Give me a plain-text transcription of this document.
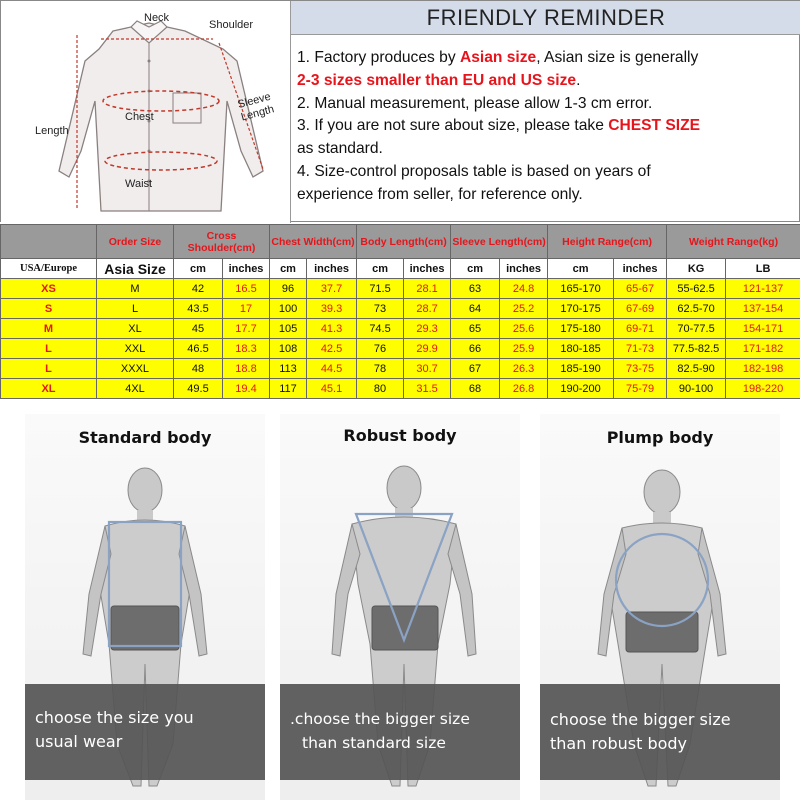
Neck
Shoulder
Sleeve Length
Length
Chest
Waist
FRIENDLY REMINDER

1. Factory produces by Asian size, Asian size is generally

2-3 sizes smaller than EU and US size.

2. Manual measurement, please allow 1-3 cm error.

3. If you are not sure about size, please take CHEST SIZE

as standard.

4. Size-control proposals table is based on years of

experience from seller, for reference only.

	Order Size	Cross Shoulder(cm)		Chest Width(cm)		Body Length(cm)		Sleeve Length(cm)		Height Range(cm)		Weight Range(kg)	
USA/Europe	Asia Size	cm	inches	cm	inches	cm	inches	cm	inches	cm	inches	KG	LB
XS	M	42	16.5	96	37.7	71.5	28.1	63	24.8	165-170	65-67	55-62.5	121-137
S	L	43.5	17	100	39.3	73	28.7	64	25.2	170-175	67-69	62.5-70	137-154
M	XL	45	17.7	105	41.3	74.5	29.3	65	25.6	175-180	69-71	70-77.5	154-171
L	XXL	46.5	18.3	108	42.5	76	29.9	66	25.9	180-185	71-73	77.5-82.5	171-182
L	XXXL	48	18.8	113	44.5	78	30.7	67	26.3	185-190	73-75	82.5-90	182-198
XL	4XL	49.5	19.4	117	45.1	80	31.5	68	26.8	190-200	75-79	90-100	198-220
Standard body

choose the size you

usual wear

Robust body

.choose the bigger size

than standard size

Plump body

choose the bigger size

than robust body
